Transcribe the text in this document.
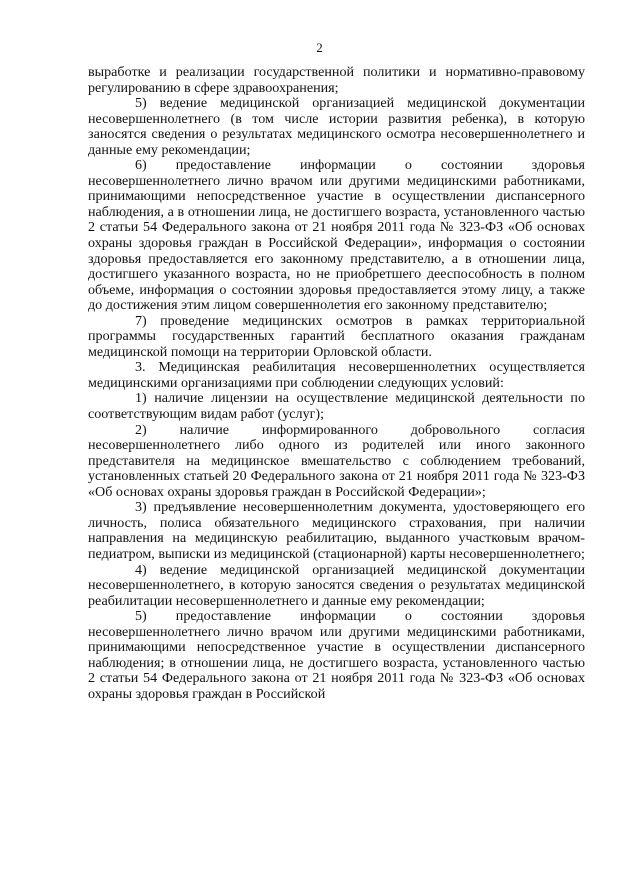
2

выработке и реализации государственной политики и нормативно-правовому регулированию в сфере здравоохранения;

5) ведение медицинской организацией медицинской документации несовершеннолетнего (в том числе истории развития ребенка), в которую заносятся сведения о результатах медицинского осмотра несовершеннолетнего и данные ему рекомендации;

6) предоставление информации о состоянии здоровья несовершеннолетнего лично врачом или другими медицинскими работниками, принимающими непосредственное участие в осуществлении диспансерного наблюдения, а в отношении лица, не достигшего возраста, установленного частью 2 статьи 54 Федерального закона от 21 ноября 2011 года № 323-ФЗ «Об основах охраны здоровья граждан в Российской Федерации», информация о состоянии здоровья предоставляется его законному представителю, а в отношении лица, достигшего указанного возраста, но не приобретшего дееспособность в полном объеме, информация о состоянии здоровья предоставляется этому лицу, а также до достижения этим лицом совершеннолетия его законному представителю;

7) проведение медицинских осмотров в рамках территориальной программы государственных гарантий бесплатного оказания гражданам медицинской помощи на территории Орловской области.

3. Медицинская реабилитация несовершеннолетних осуществляется медицинскими организациями при соблюдении следующих условий:

1) наличие лицензии на осуществление медицинской деятельности по соответствующим видам работ (услуг);

2) наличие информированного добровольного согласия несовершеннолетнего либо одного из родителей или иного законного представителя на медицинское вмешательство с соблюдением требований, установленных статьей 20 Федерального закона от 21 ноября 2011 года № 323-ФЗ «Об основах охраны здоровья граждан в Российской Федерации»;

3) предъявление несовершеннолетним документа, удостоверяющего его личность, полиса обязательного медицинского страхования, при наличии направления на медицинскую реабилитацию, выданного участковым врачом-педиатром, выписки из медицинской (стационарной) карты несовершеннолетнего;

4) ведение медицинской организацией медицинской документации несовершеннолетнего, в которую заносятся сведения о результатах медицинской реабилитации несовершеннолетнего и данные ему рекомендации;

5) предоставление информации о состоянии здоровья несовершеннолетнего лично врачом или другими медицинскими работниками, принимающими непосредственное участие в осуществлении диспансерного наблюдения; в отношении лица, не достигшего возраста, установленного частью 2 статьи 54 Федерального закона от 21 ноября 2011 года № 323-ФЗ «Об основах охраны здоровья граждан в Российской
